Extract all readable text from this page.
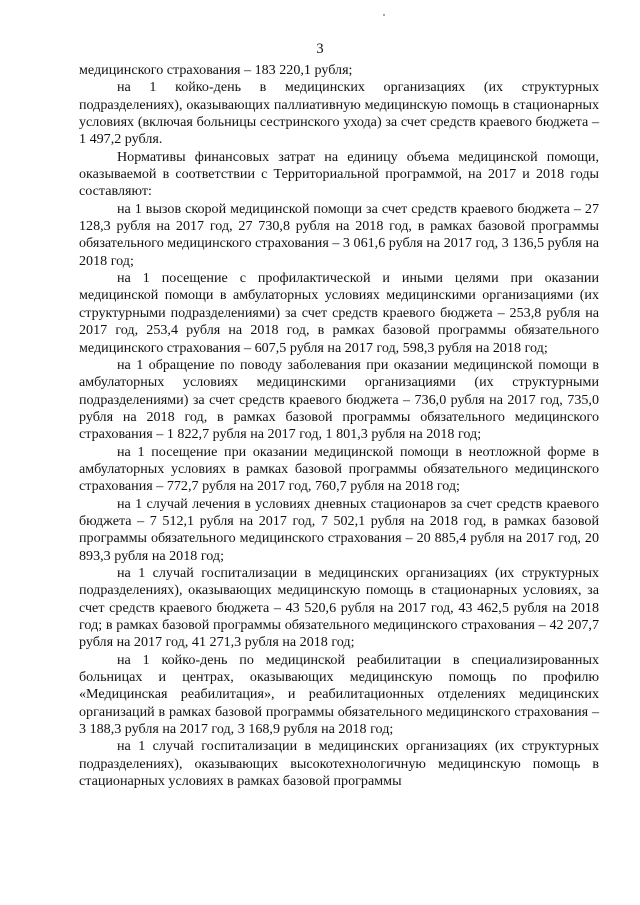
3

медицинского страхования – 183 220,1 рубля;

на 1 койко-день в медицинских организациях (их структурных подразделениях), оказывающих паллиативную медицинскую помощь в стационарных условиях (включая больницы сестринского ухода) за счет средств краевого бюджета – 1 497,2 рубля.

Нормативы финансовых затрат на единицу объема медицинской помощи, оказываемой в соответствии с Территориальной программой, на 2017 и 2018 годы составляют:

на 1 вызов скорой медицинской помощи за счет средств краевого бюджета – 27 128,3 рубля на 2017 год, 27 730,8 рубля на 2018 год, в рамках базовой программы обязательного медицинского страхования – 3 061,6 рубля на 2017 год, 3 136,5 рубля на 2018 год;

на 1 посещение с профилактической и иными целями при оказании медицинской помощи в амбулаторных условиях медицинскими организациями (их структурными подразделениями) за счет средств краевого бюджета – 253,8 рубля на 2017 год, 253,4 рубля на 2018 год, в рамках базовой программы обязательного медицинского страхования – 607,5 рубля на 2017 год, 598,3 рубля на 2018 год;

на 1 обращение по поводу заболевания при оказании медицинской помощи в амбулаторных условиях медицинскими организациями (их структурными подразделениями) за счет средств краевого бюджета – 736,0 рубля на 2017 год, 735,0 рубля на 2018 год, в рамках базовой программы обязательного медицинского страхования – 1 822,7 рубля на 2017 год, 1 801,3 рубля на 2018 год;

на 1 посещение при оказании медицинской помощи в неотложной форме в амбулаторных условиях в рамках базовой программы обязательного медицинского страхования – 772,7 рубля на 2017 год, 760,7 рубля на 2018 год;

на 1 случай лечения в условиях дневных стационаров за счет средств краевого бюджета – 7 512,1 рубля на 2017 год, 7 502,1 рубля на 2018 год, в рамках базовой программы обязательного медицинского страхования – 20 885,4 рубля на 2017 год, 20 893,3 рубля на 2018 год;

на 1 случай госпитализации в медицинских организациях (их структурных подразделениях), оказывающих медицинскую помощь в стационарных условиях, за счет средств краевого бюджета – 43 520,6 рубля на 2017 год, 43 462,5 рубля на 2018 год; в рамках базовой программы обязательного медицинского страхования – 42 207,7 рубля на 2017 год, 41 271,3 рубля на 2018 год;

на 1 койко-день по медицинской реабилитации в специализированных больницах и центрах, оказывающих медицинскую помощь по профилю «Медицинская реабилитация», и реабилитационных отделениях медицинских организаций в рамках базовой программы обязательного медицинского страхования – 3 188,3 рубля на 2017 год, 3 168,9 рубля на 2018 год;

на 1 случай госпитализации в медицинских организациях (их структурных подразделениях), оказывающих высокотехнологичную медицинскую помощь в стационарных условиях в рамках базовой программы
